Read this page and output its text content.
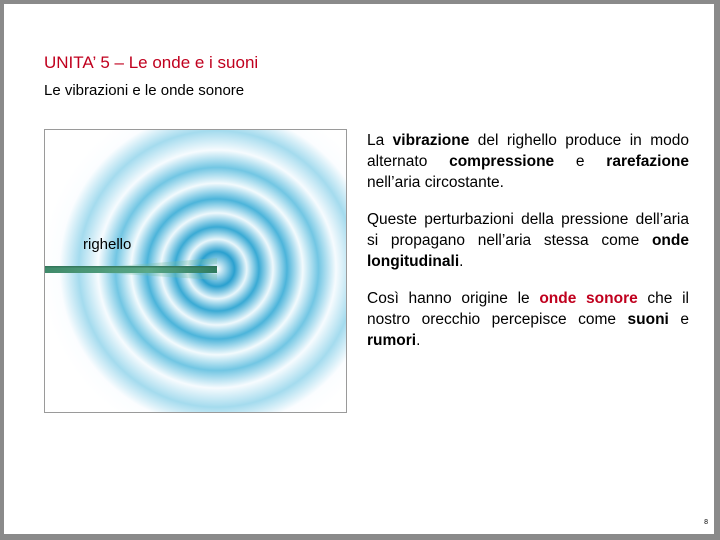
UNITA’ 5 – Le onde e i suoni
Le vibrazioni e le onde sonore
righello

La vibrazione del righello produce in modo alternato compressione e rarefazione nell’aria circostante.

Queste perturbazioni della pressione dell’aria si propagano nell’aria stessa come onde longitudinali.

Così hanno origine le onde sonore che il nostro orecchio percepisce come suoni e rumori.

8
